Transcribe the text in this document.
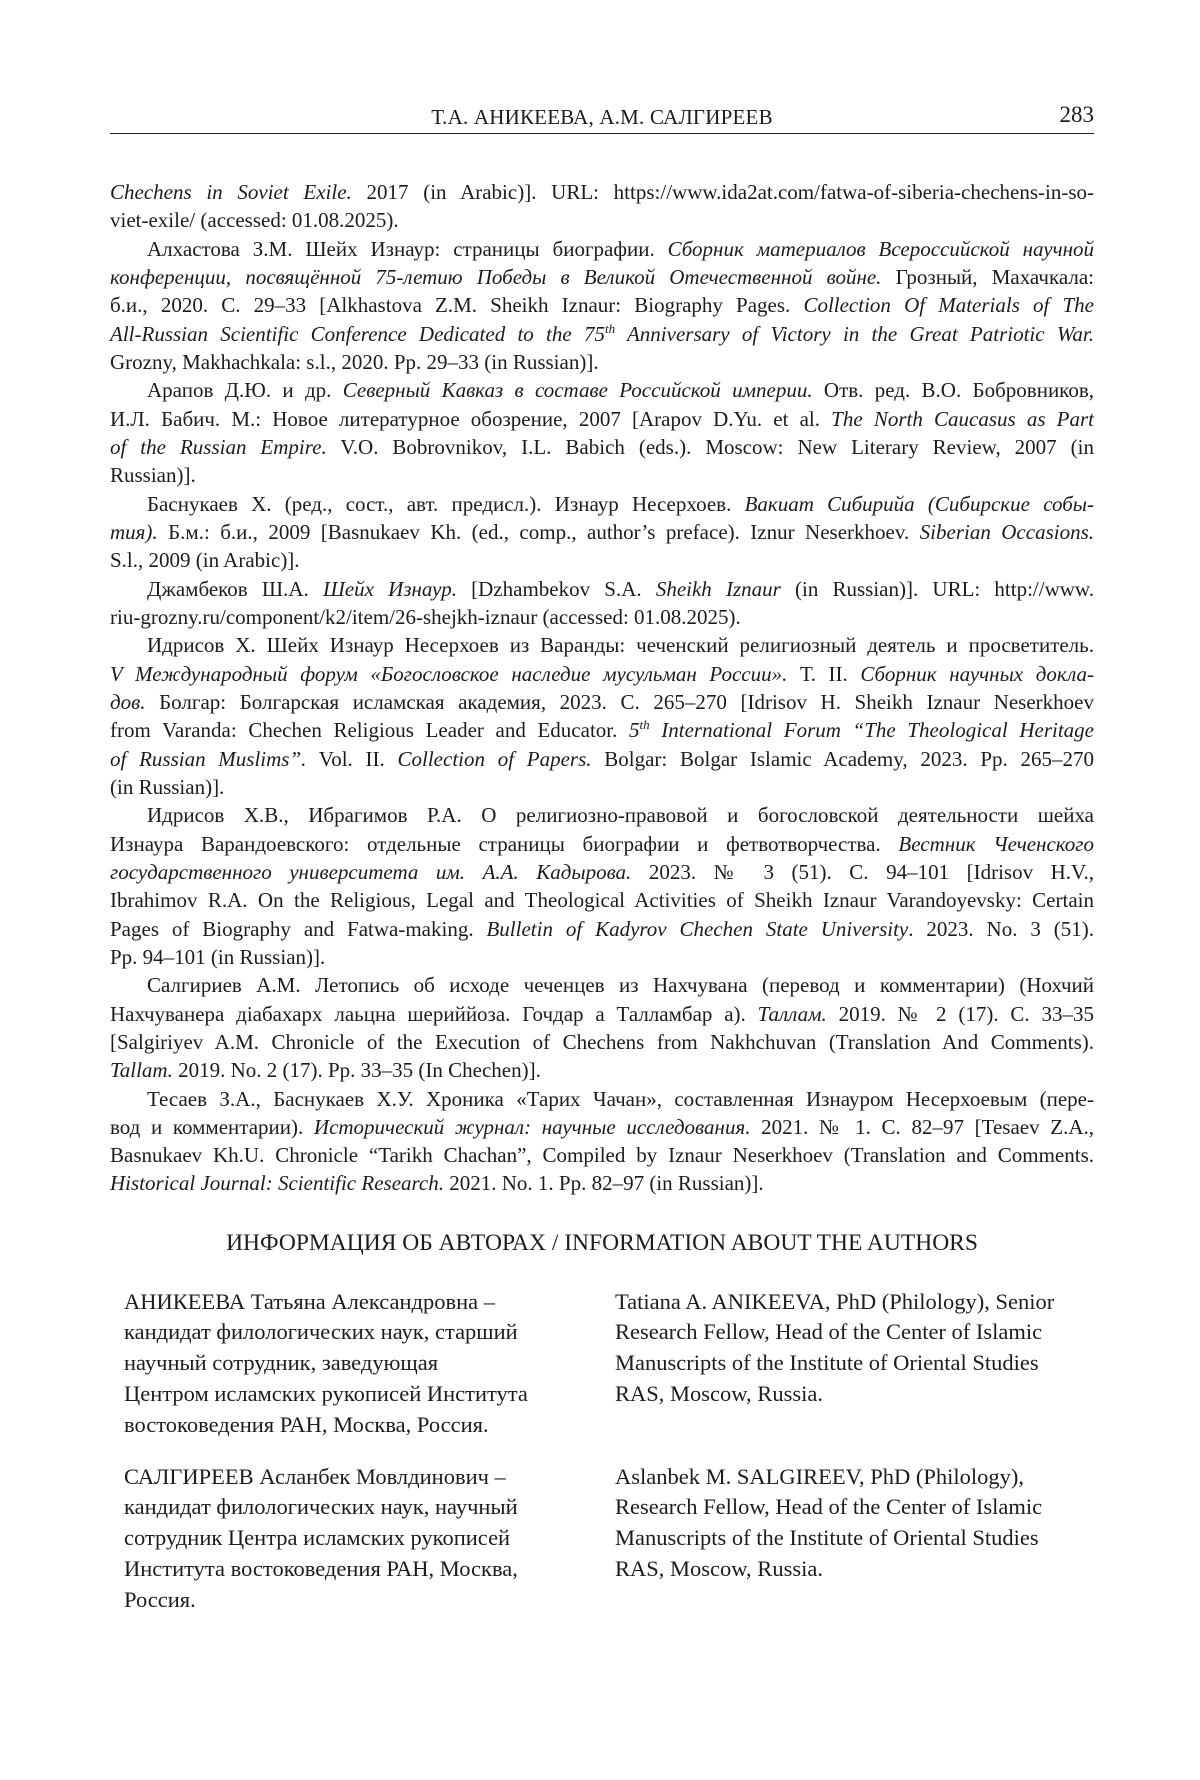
Т.А. АНИКЕЕВА, А.М. САЛГИРЕЕВ	283
Chechens in Soviet Exile. 2017 (in Arabic)]. URL: https://www.ida2at.com/fatwa-of-siberia-chechens-in-so-
viet-exile/ (accessed: 01.08.2025).
Алхастова З.М. Шейх Изнаур: страницы биографии. Сборник материалов Всероссийской научной
конференции, посвящённой 75-летию Победы в Великой Отечественной войне. Грозный, Махачкала:
б.и., 2020. С. 29–33 [Alkhastova Z.M. Sheikh Iznaur: Biography Pages. Collection Of Materials of The
All-Russian Scientific Conference Dedicated to the 75th Anniversary of Victory in the Great Patriotic War.
Grozny, Makhachkala: s.l., 2020. Pp. 29–33 (in Russian)].
Арапов Д.Ю. и др. Северный Кавказ в составе Российской империи. Отв. ред. В.О. Бобровников,
И.Л. Бабич. М.: Новое литературное обозрение, 2007 [Arapov D.Yu. et al. The North Caucasus as Part
of the Russian Empire. V.O. Bobrovnikov, I.L. Babich (eds.). Moscow: New Literary Review, 2007 (in
Russian)].
Баснукаев Х. (ред., сост., авт. предисл.). Изнаур Несерхоев. Вакиат Сибирийа (Сибирские собы-
тия). Б.м.: б.и., 2009 [Basnukaev Kh. (ed., comp., author’s preface). Iznur Neserkhoev. Siberian Occasions.
S.l., 2009 (in Arabic)].
Джамбеков Ш.А. Шейх Изнаур. [Dzhambekov S.A. Sheikh Iznaur (in Russian)]. URL: http://www.
riu-grozny.ru/component/k2/item/26-shejkh-iznaur (accessed: 01.08.2025).
Идрисов Х. Шейх Изнаур Несерхоев из Варанды: чеченский религиозный деятель и просветитель.
V Международный форум «Богословское наследие мусульман России». Т. II. Сборник научных докла-
дов. Болгар: Болгарская исламская академия, 2023. С. 265–270 [Idrisov H. Sheikh Iznaur Neserkhoev
from Varanda: Chechen Religious Leader and Educator. 5th International Forum “The Theological Heritage
of Russian Muslims”. Vol. II. Collection of Papers. Bolgar: Bolgar Islamic Academy, 2023. Pp. 265–270
(in Russian)].
Идрисов Х.В., Ибрагимов Р.А. О религиозно-правовой и богословской деятельности шейха
Изнаура Варандоевского: отдельные страницы биографии и фетвотворчества. Вестник Чеченского
государственного университета им. А.А. Кадырова. 2023. № 3 (51). С. 94–101 [Idrisov H.V.,
Ibrahimov R.A. On the Religious, Legal and Theological Activities of Sheikh Iznaur Varandoyevsky: Certain
Pages of Biography and Fatwa-making. Bulletin of Kadyrov Chechen State University. 2023. No. 3 (51).
Pp. 94–101 (in Russian)].
Салгириев А.М. Летопись об исходе чеченцев из Нахчувана (перевод и комментарии) (Нохчий
Нахчуванера діабахарх лаьцна шериййоза. Гочдар а Талламбар а). Таллам. 2019. № 2 (17). С. 33–35
[Salgiriyev A.M. Chronicle of the Execution of Chechens from Nakhchuvan (Translation And Comments).
Tallam. 2019. No. 2 (17). Pp. 33–35 (In Chechen)].
Тесаев З.А., Баснукаев Х.У. Хроника «Тарих Чачан», составленная Изнауром Несерхоевым (пере-
вод и комментарии). Исторический журнал: научные исследования. 2021. № 1. С. 82–97 [Tesaev Z.A.,
Basnukaev Kh.U. Chronicle “Tarikh Chachan”, Compiled by Iznaur Neserkhoev (Translation and Comments.
Historical Journal: Scientific Research. 2021. No. 1. Pp. 82–97 (in Russian)].
ИНФОРМАЦИЯ ОБ АВТОРАХ / INFORMATION ABOUT THE AUTHORS
АНИКЕЕВА Татьяна Александровна –
кандидат филологических наук, старший
научный сотрудник, заведующая
Центром исламских рукописей Института
востоковедения РАН, Москва, Россия.
Tatiana A. ANIKEEVA, PhD (Philology), Senior
Research Fellow, Head of the Center of Islamic
Manuscripts of the Institute of Oriental Studies
RAS, Moscow, Russia.
САЛГИРЕЕВ Асланбек Мовлдинович –
кандидат филологических наук, научный
сотрудник Центра исламских рукописей
Института востоковедения РАН, Москва,
Россия.
Aslanbek M. SALGIREEV, PhD (Philology),
Research Fellow, Head of the Center of Islamic
Manuscripts of the Institute of Oriental Studies
RAS, Moscow, Russia.
